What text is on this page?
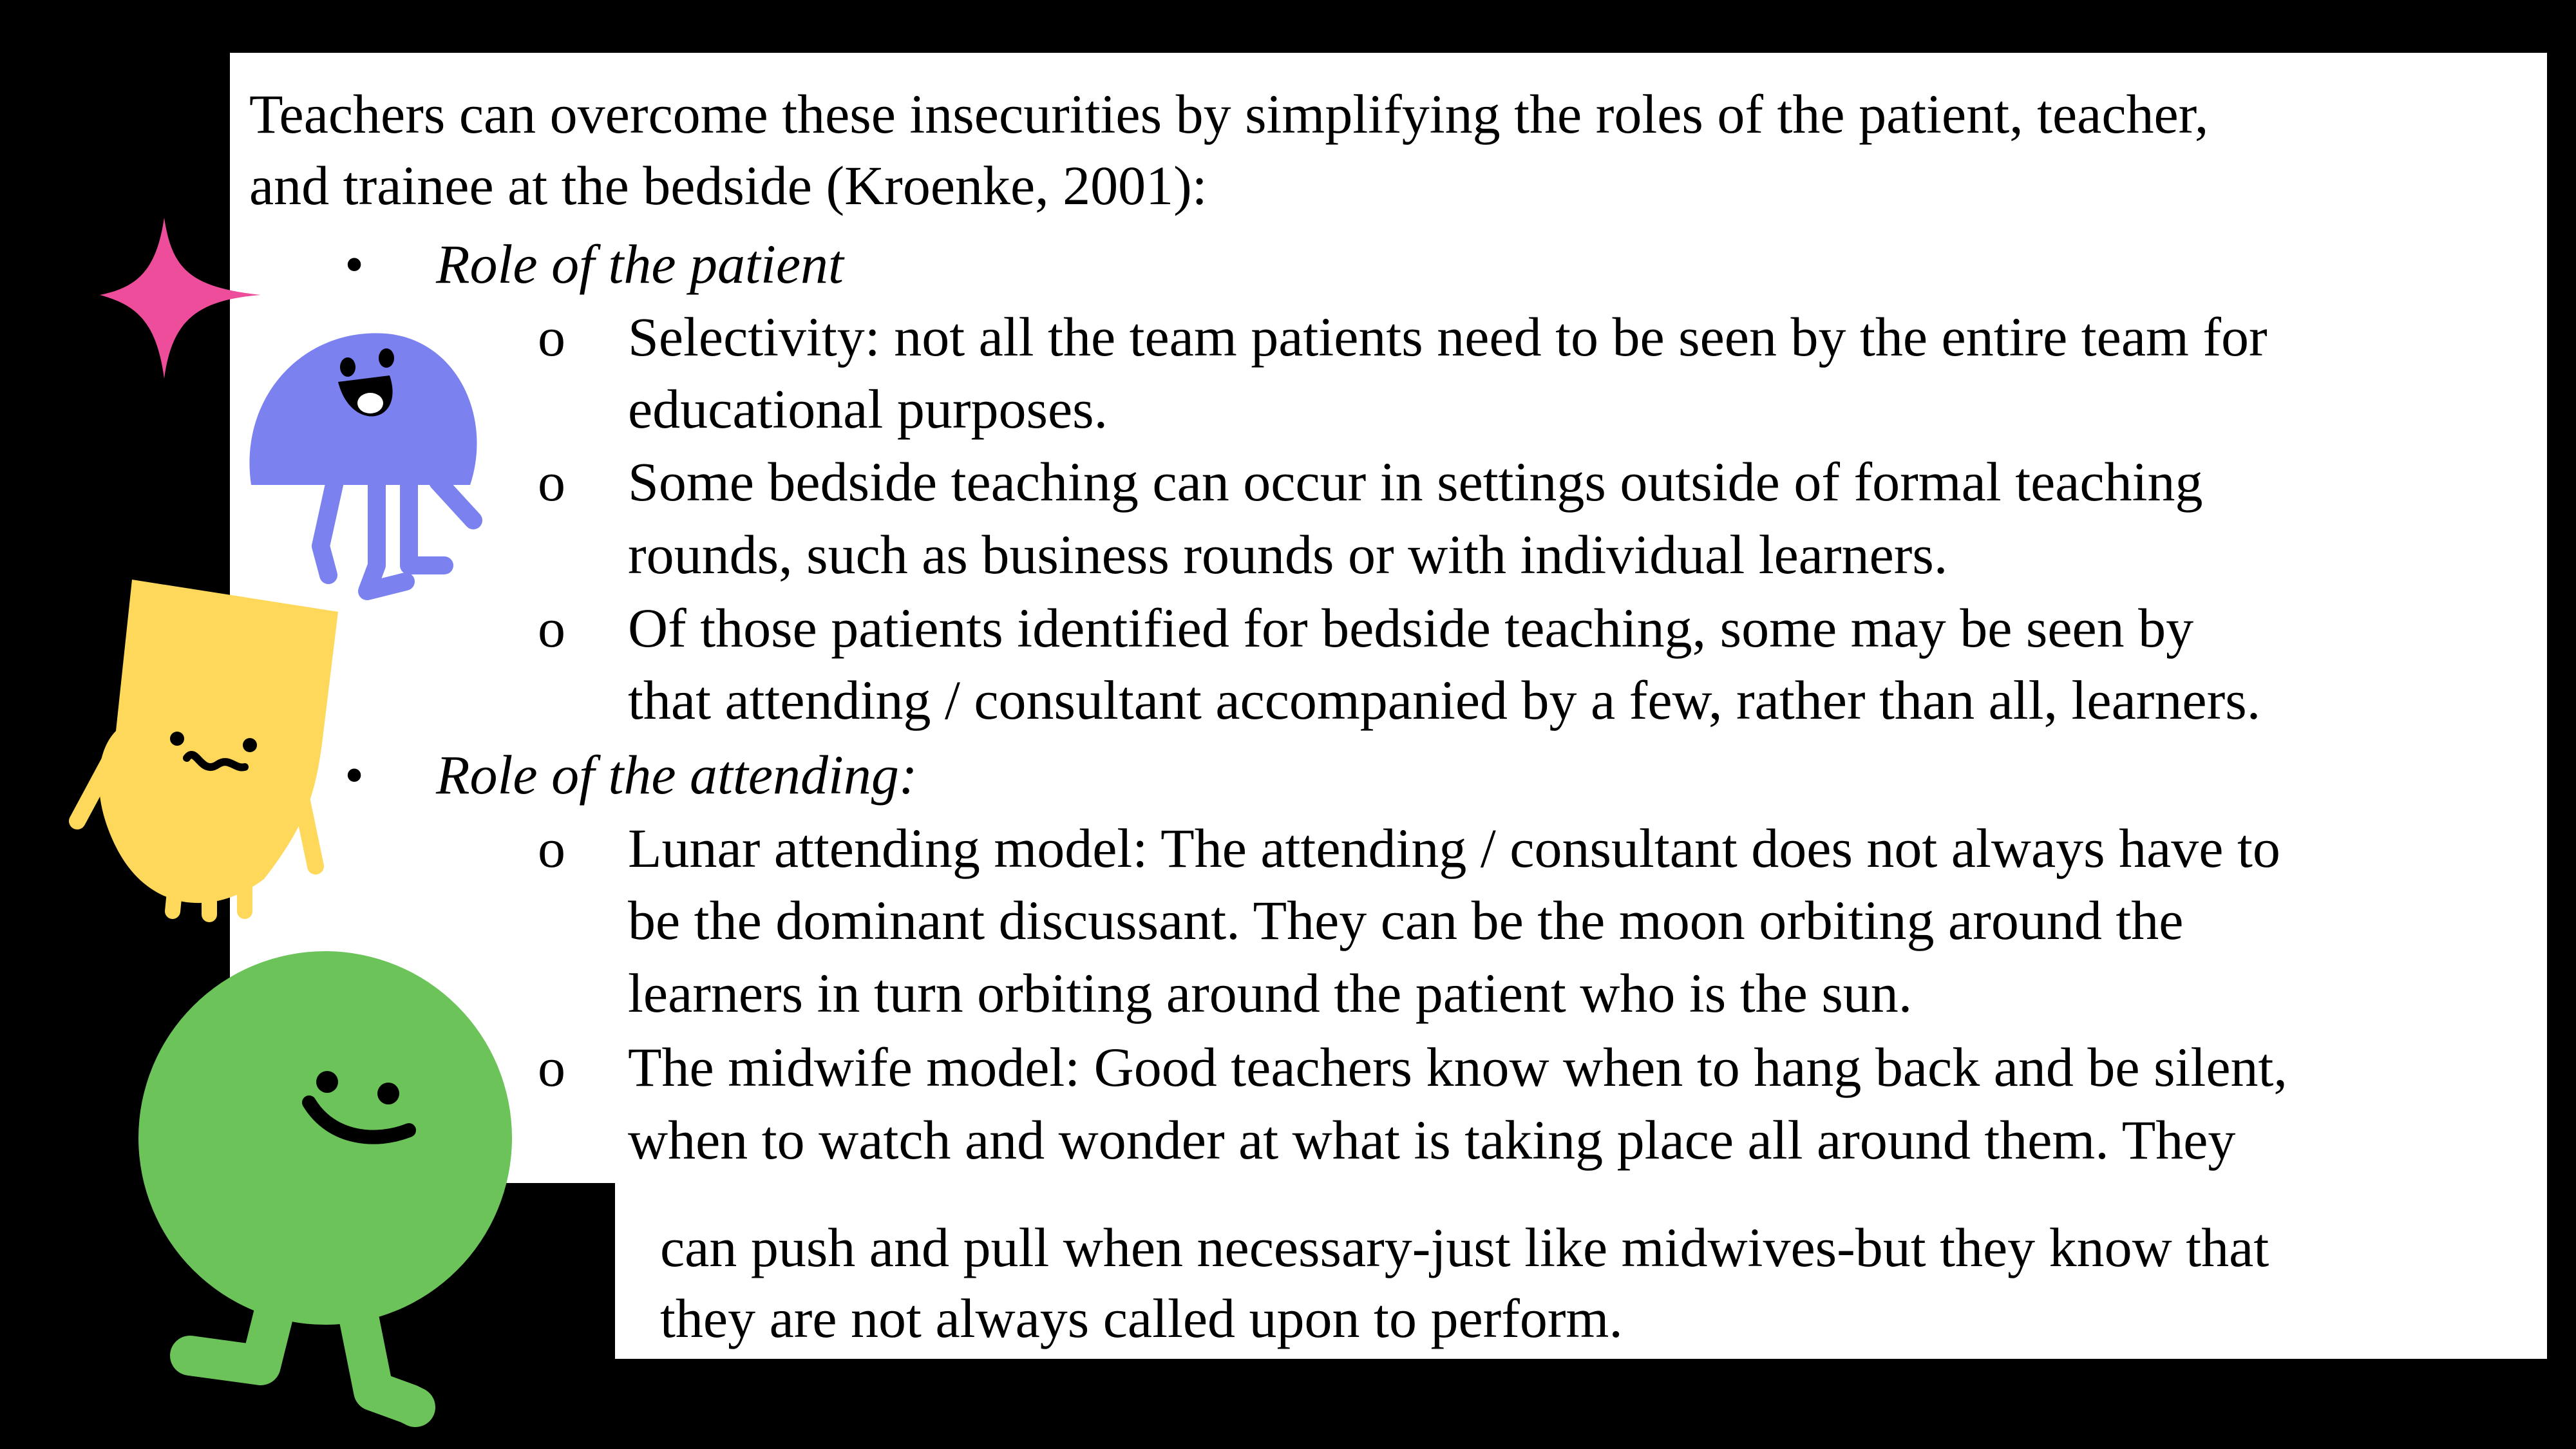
Teachers can overcome these insecurities by simplifying the roles of the patient, teacher,
and trainee at the bedside (Kroenke, 2001):
• Role of the patient
o Selectivity: not all the team patients need to be seen by the entire team for
educational purposes.
o Some bedside teaching can occur in settings outside of formal teaching
rounds, such as business rounds or with individual learners.
o Of those patients identified for bedside teaching, some may be seen by
that attending / consultant accompanied by a few, rather than all, learners.
• Role of the attending:
o Lunar attending model: The attending / consultant does not always have to
be the dominant discussant. They can be the moon orbiting around the
learners in turn orbiting around the patient who is the sun.
o The midwife model: Good teachers know when to hang back and be silent,
when to watch and wonder at what is taking place all around them. They
can push and pull when necessary-just like midwives-but they know that
they are not always called upon to perform.
